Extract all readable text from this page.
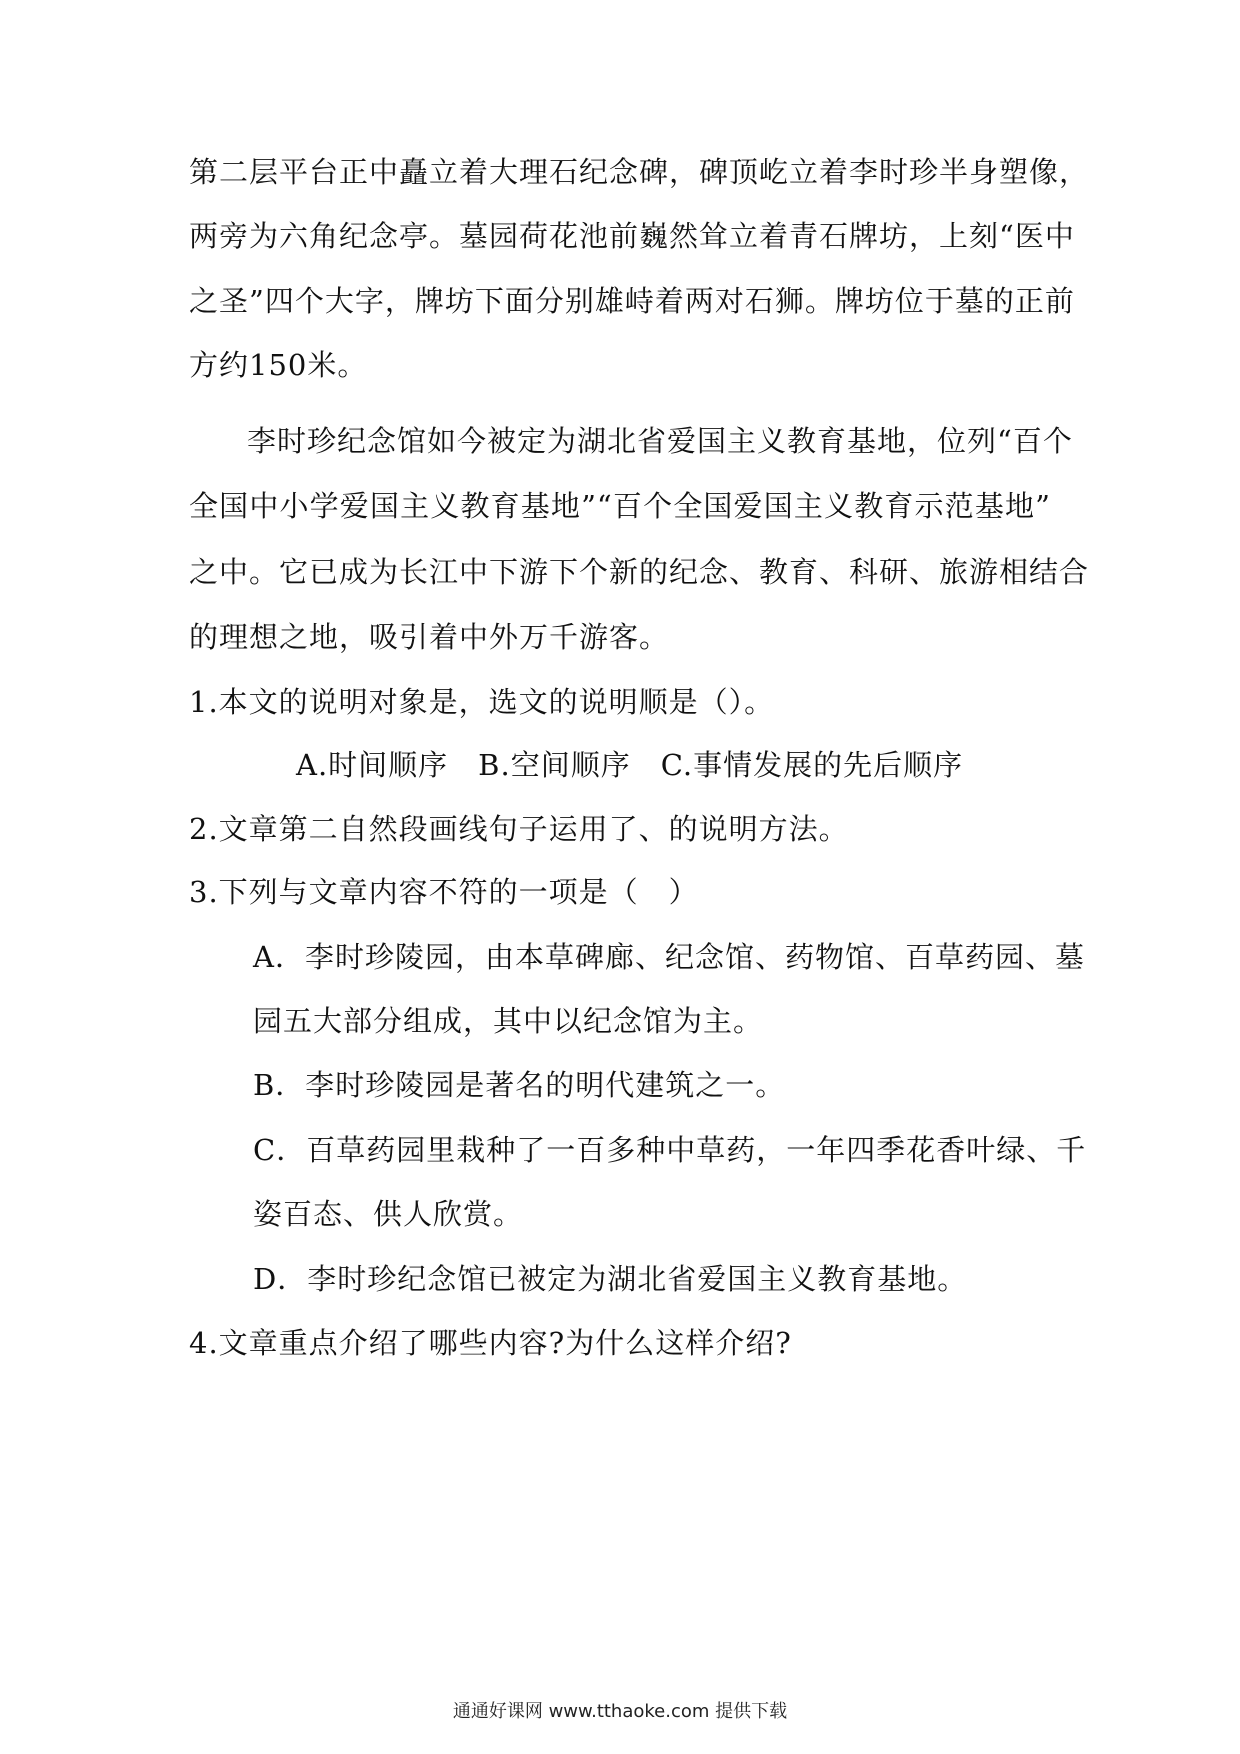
第二层平台正中矗立着大理石纪念碑，碑顶屹立着李时珍半身塑像，
两旁为六角纪念亭。墓园荷花池前巍然耸立着青石牌坊，上刻“医中
之圣”四个大字，牌坊下面分别雄峙着两对石狮。牌坊位于墓的正前
方约150米。
李时珍纪念馆如今被定为湖北省爱国主义教育基地，位列“百个
全国中小学爱国主义教育基地”“百个全国爱国主义教育示范基地”
之中。它已成为长江中下游下个新的纪念、教育、科研、旅游相结合
的理想之地，吸引着中外万千游客。
1.本文的说明对象是，选文的说明顺是（）。
A.时间顺序　B.空间顺序　C.事情发展的先后顺序
2.文章第二自然段画线句子运用了、的说明方法。
3.下列与文章内容不符的一项是（　）
A．李时珍陵园，由本草碑廊、纪念馆、药物馆、百草药园、墓
园五大部分组成，其中以纪念馆为主。
B．李时珍陵园是著名的明代建筑之一。
C．百草药园里栽种了一百多种中草药，一年四季花香叶绿、千
姿百态、供人欣赏。
D．李时珍纪念馆已被定为湖北省爱国主义教育基地。
4.文章重点介绍了哪些内容?为什么这样介绍?
通通好课网 www.tthaoke.com 提供下载
